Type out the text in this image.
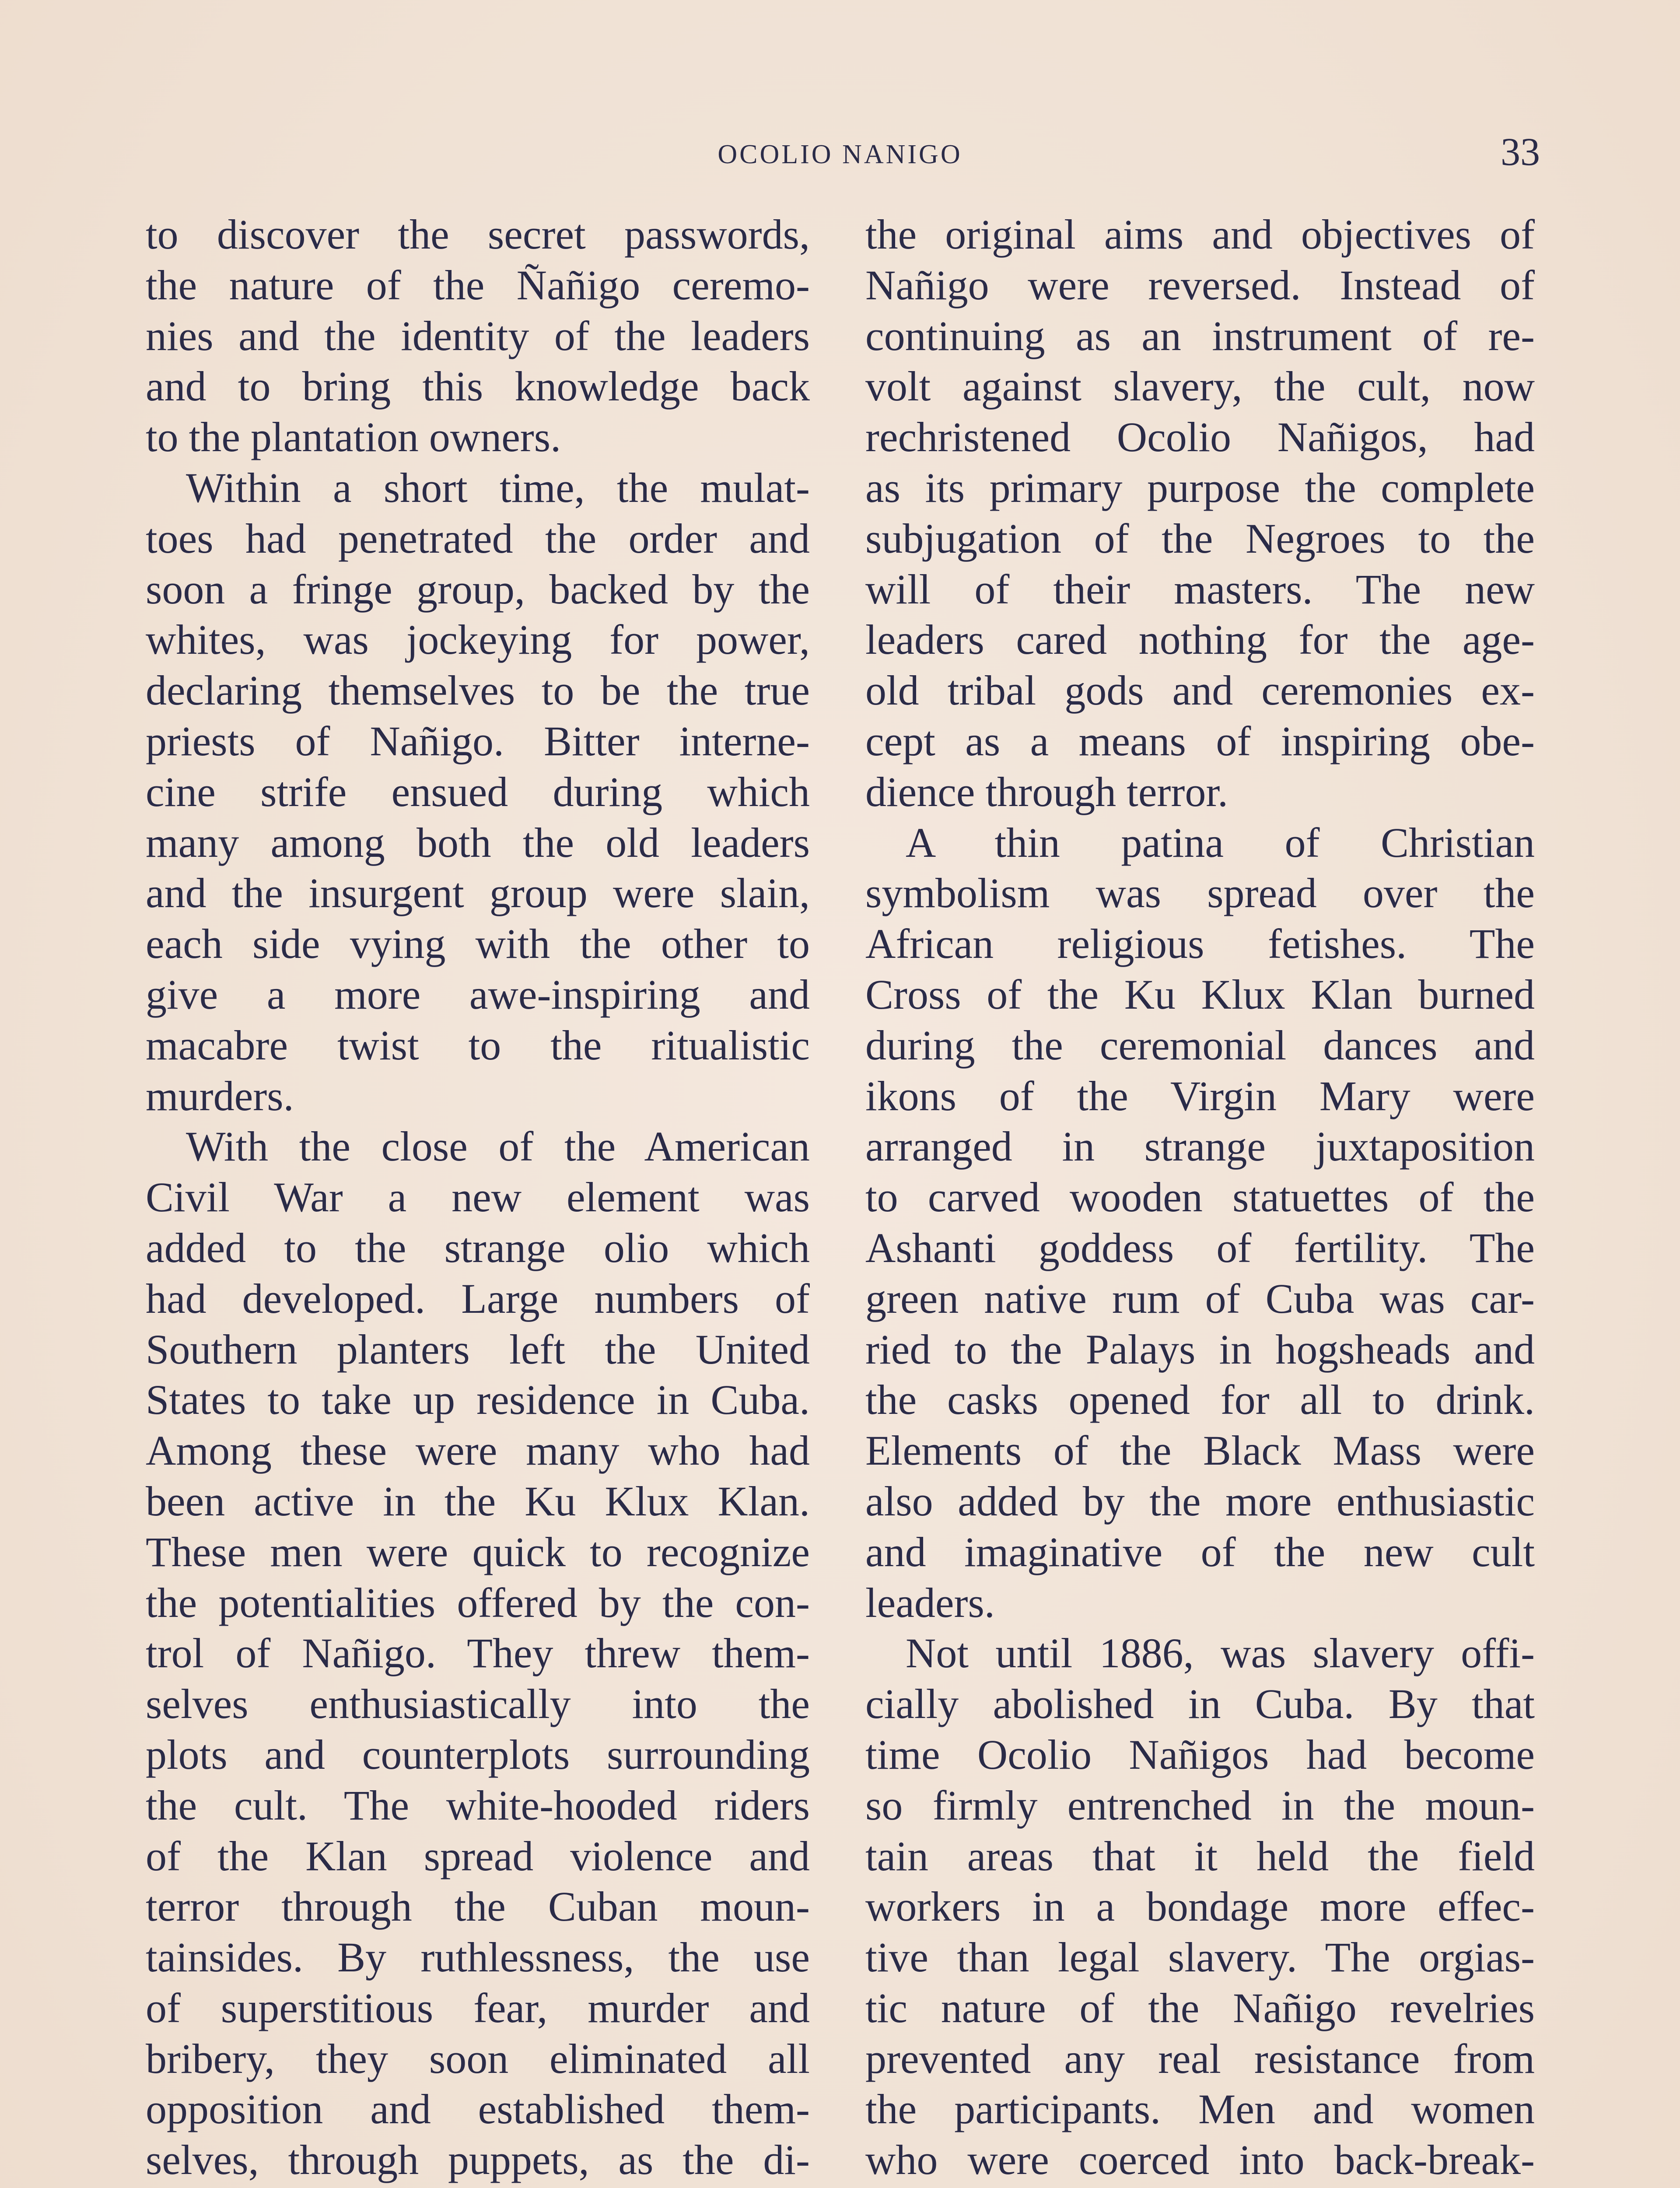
OCOLIO NANIGO	33
to discover the secret passwords,
the nature of the Ñañigo ceremo-
nies and the identity of the leaders
and to bring this knowledge back
to the plantation owners.
Within a short time, the mulat-
toes had penetrated the order and
soon a fringe group, backed by the
whites, was jockeying for power,
declaring themselves to be the true
priests of Nañigo. Bitter interne-
cine strife ensued during which
many among both the old leaders
and the insurgent group were slain,
each side vying with the other to
give a more awe-inspiring and
macabre twist to the ritualistic
murders.
With the close of the American
Civil War a new element was
added to the strange olio which
had developed. Large numbers of
Southern planters left the United
States to take up residence in Cuba.
Among these were many who had
been active in the Ku Klux Klan.
These men were quick to recognize
the potentialities offered by the con-
trol of Nañigo. They threw them-
selves enthusiastically into the
plots and counterplots surrounding
the cult. The white-hooded riders
of the Klan spread violence and
terror through the Cuban moun-
tainsides. By ruthlessness, the use
of superstitious fear, murder and
bribery, they soon eliminated all
opposition and established them-
selves, through puppets, as the di-
the original aims and objectives of
Nañigo were reversed. Instead of
continuing as an instrument of re-
volt against slavery, the cult, now
rechristened Ocolio Nañigos, had
as its primary purpose the complete
subjugation of the Negroes to the
will of their masters. The new
leaders cared nothing for the age-
old tribal gods and ceremonies ex-
cept as a means of inspiring obe-
dience through terror.
A thin patina of Christian
symbolism was spread over the
African religious fetishes. The
Cross of the Ku Klux Klan burned
during the ceremonial dances and
ikons of the Virgin Mary were
arranged in strange juxtaposition
to carved wooden statuettes of the
Ashanti goddess of fertility. The
green native rum of Cuba was car-
ried to the Palays in hogsheads and
the casks opened for all to drink.
Elements of the Black Mass were
also added by the more enthusiastic
and imaginative of the new cult
leaders.
Not until 1886, was slavery offi-
cially abolished in Cuba. By that
time Ocolio Nañigos had become
so firmly entrenched in the moun-
tain areas that it held the field
workers in a bondage more effec-
tive than legal slavery. The orgias-
tic nature of the Nañigo revelries
prevented any real resistance from
the participants. Men and women
who were coerced into back-break-
